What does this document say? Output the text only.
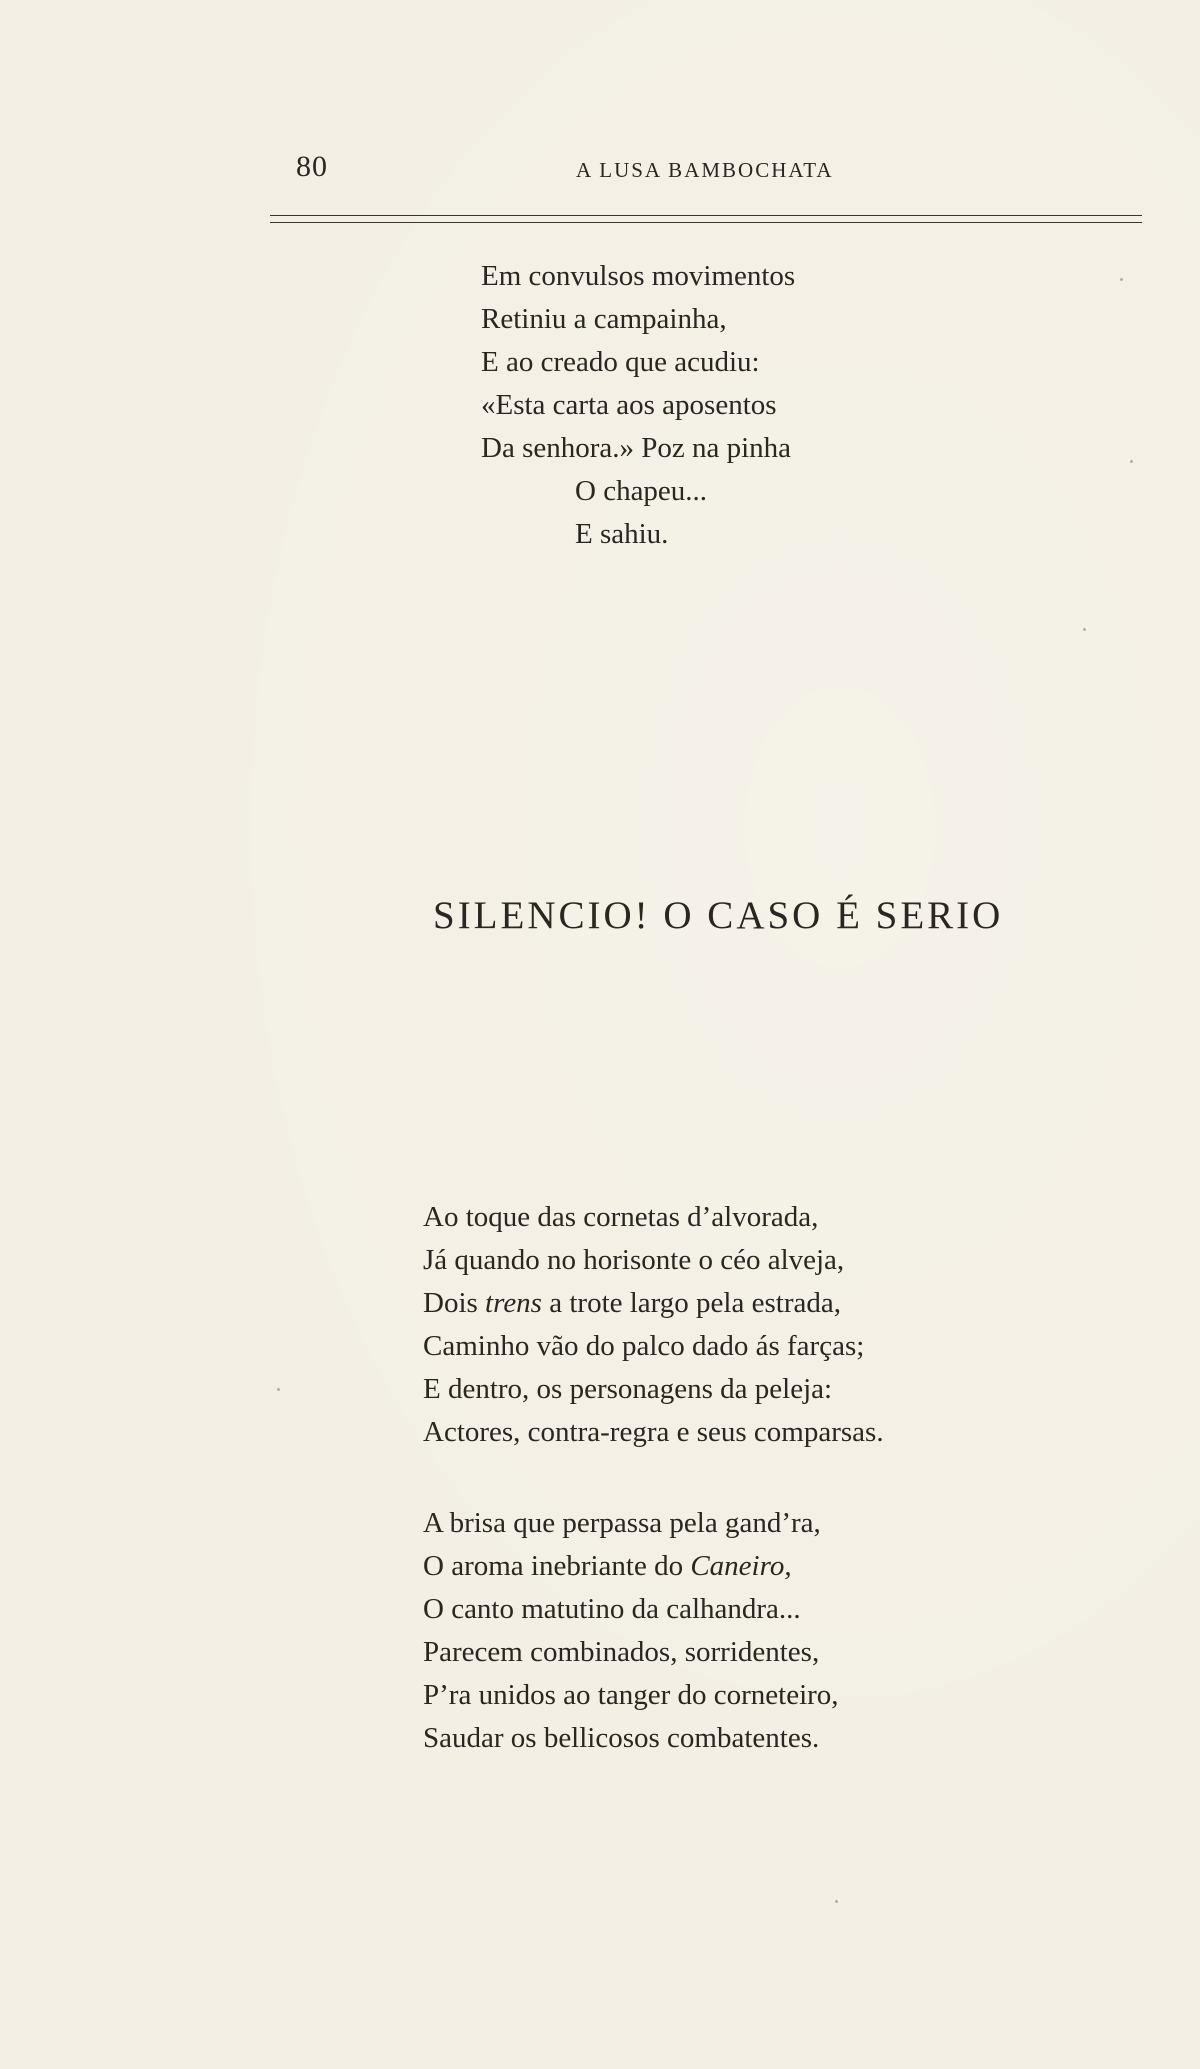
80	A LUSA BAMBOCHATA
Em convulsos movimentos
Retiniu a campainha,
E ao creado que acudiu:
«Esta carta aos aposentos
Da senhora.» Poz na pinha
O chapeu...
E sahiu.
SILENCIO! O CASO É SERIO
Ao toque das cornetas d’alvorada,
Já quando no horisonte o céo alveja,
Dois trens a trote largo pela estrada,
Caminho vão do palco dado ás farças;
E dentro, os personagens da peleja:
Actores, contra-regra e seus comparsas.
A brisa que perpassa pela gand’ra,
O aroma inebriante do Caneiro,
O canto matutino da calhandra...
Parecem combinados, sorridentes,
P’ra unidos ao tanger do corneteiro,
Saudar os bellicosos combatentes.
